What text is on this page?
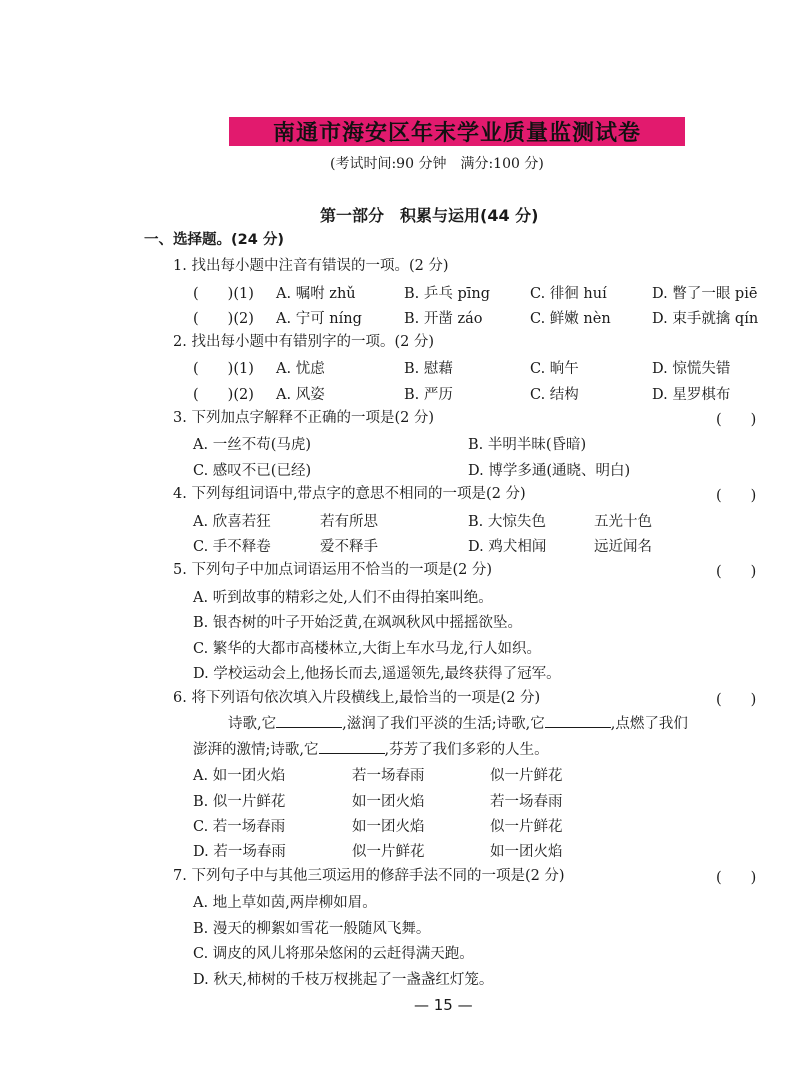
南通市海安区年末学业质量监测试卷
(考试时间:90 分钟　满分:100 分)
第一部分　积累与运用(44 分)
一、选择题。(24 分)
1. 找出每小题中注音有错误的一项。(2 分)
(　　)(1) A. 嘱咐 zhǔ	B. 乒乓 pīng	C. 徘徊 huí	D. 瞥了一眼 piē
(　　)(2) A. 宁可 níng	B. 开凿 záo	C. 鲜嫩 nèn	D. 束手就擒 qín
2. 找出每小题中有错别字的一项。(2 分)
(　　)(1) A. 忧虑	B. 慰藉	C. 晌午	D. 惊慌失错
(　　)(2) A. 风姿	B. 严历	C. 结构	D. 星罗棋布
3. 下列加点字解释不正确的一项是(2 分)	(　　)
A. 一丝不苟(马虎)	B. 半明半昧(昏暗)
C. 感叹不已(已经)	D. 博学多通(通晓、明白)
4. 下列每组词语中,带点字的意思不相同的一项是(2 分)	(　　)
A. 欣喜若狂	若有所思	B. 大惊失色	五光十色
C. 手不释卷	爱不释手	D. 鸡犬相闻	远近闻名
5. 下列句子中加点词语运用不恰当的一项是(2 分)	(　　)
A. 听到故事的精彩之处,人们不由得拍案叫绝。
B. 银杏树的叶子开始泛黄,在飒飒秋风中摇摇欲坠。
C. 繁华的大都市高楼林立,大街上车水马龙,行人如织。
D. 学校运动会上,他扬长而去,遥遥领先,最终获得了冠军。
6. 将下列语句依次填入片段横线上,最恰当的一项是(2 分)	(　　)
诗歌,它	,滋润了我们平淡的生活;诗歌,它	,点燃了我们
澎湃的激情;诗歌,它	,芬芳了我们多彩的人生。
A. 如一团火焰	若一场春雨	似一片鲜花
B. 似一片鲜花	如一团火焰	若一场春雨
C. 若一场春雨	如一团火焰	似一片鲜花
D. 若一场春雨	似一片鲜花	如一团火焰
7. 下列句子中与其他三项运用的修辞手法不同的一项是(2 分)	(　　)
A. 地上草如茵,两岸柳如眉。
B. 漫天的柳絮如雪花一般随风飞舞。
C. 调皮的风儿将那朵悠闲的云赶得满天跑。
D. 秋天,柿树的千枝万杈挑起了一盏盏红灯笼。
— 15 —
